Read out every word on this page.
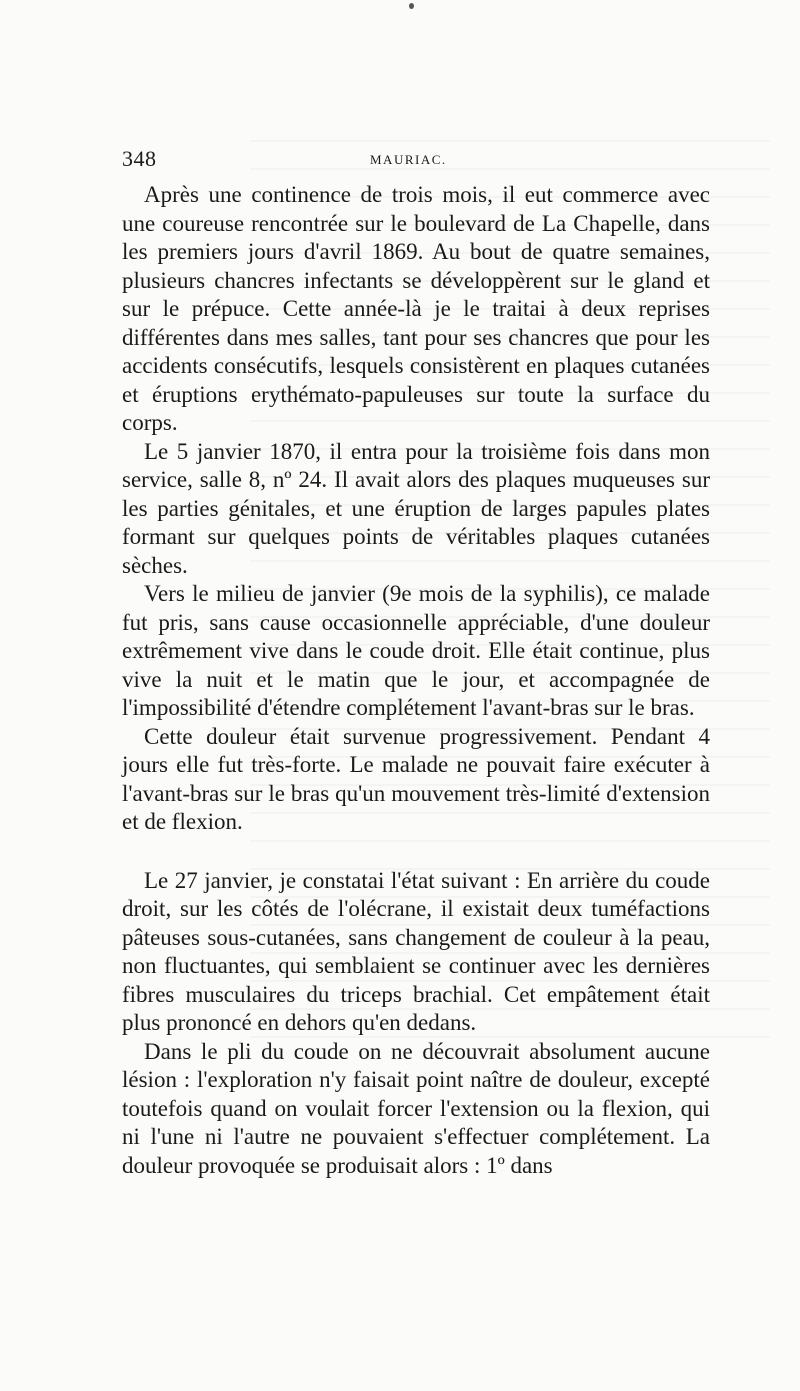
348	MAURIAC.

Après une continence de trois mois, il eut commerce avec une coureuse rencontrée sur le boulevard de La Chapelle, dans les premiers jours d'avril 1869. Au bout de quatre semaines, plusieurs chancres infectants se développèrent sur le gland et sur le prépuce. Cette année-là je le traitai à deux reprises différentes dans mes salles, tant pour ses chancres que pour les accidents consécutifs, lesquels consistèrent en plaques cutanées et éruptions erythémato-papuleuses sur toute la surface du corps.

Le 5 janvier 1870, il entra pour la troisième fois dans mon service, salle 8, nº 24. Il avait alors des plaques muqueuses sur les parties génitales, et une éruption de larges papules plates formant sur quelques points de véritables plaques cutanées sèches.

Vers le milieu de janvier (9e mois de la syphilis), ce malade fut pris, sans cause occasionnelle appréciable, d'une douleur extrêmement vive dans le coude droit. Elle était continue, plus vive la nuit et le matin que le jour, et accompagnée de l'impossibilité d'étendre complétement l'avant-bras sur le bras.

Cette douleur était survenue progressivement. Pendant 4 jours elle fut très-forte. Le malade ne pouvait faire exécuter à l'avant-bras sur le bras qu'un mouvement très-limité d'extension et de flexion.

Le 27 janvier, je constatai l'état suivant : En arrière du coude droit, sur les côtés de l'olécrane, il existait deux tuméfactions pâteuses sous-cutanées, sans changement de couleur à la peau, non fluctuantes, qui semblaient se continuer avec les dernières fibres musculaires du triceps brachial. Cet empâtement était plus prononcé en dehors qu'en dedans.

Dans le pli du coude on ne découvrait absolument aucune lésion : l'exploration n'y faisait point naître de douleur, excepté toutefois quand on voulait forcer l'extension ou la flexion, qui ni l'une ni l'autre ne pouvaient s'effectuer complétement. La douleur provoquée se produisait alors : 1º dans
